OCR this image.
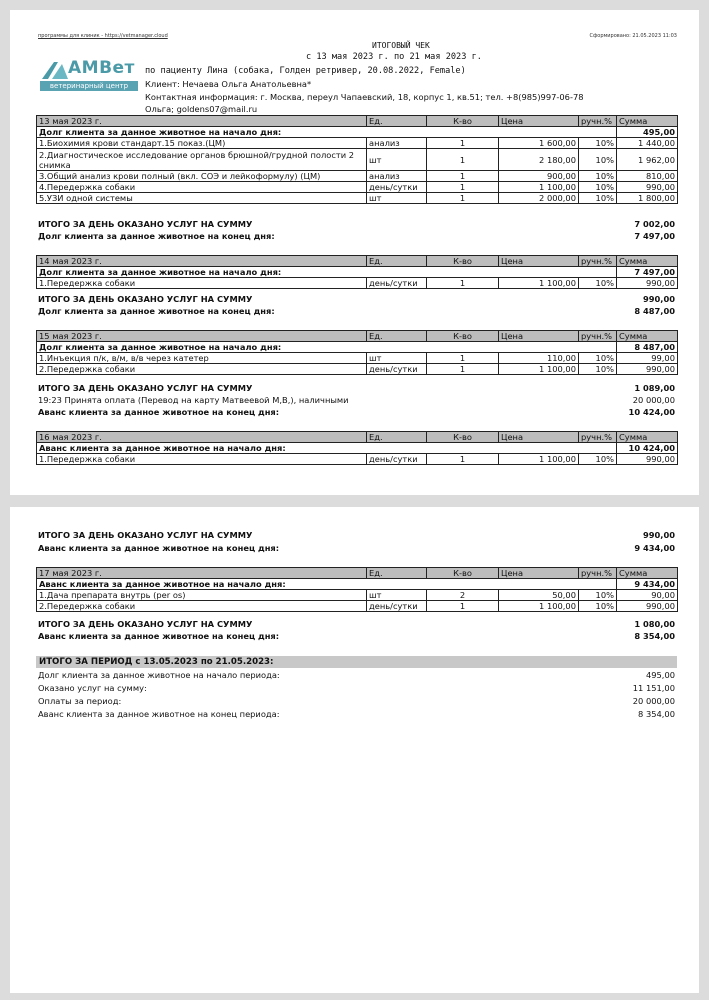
программы для клиник - https://vetmanager.cloud	Сформировано: 21.05.2023 11:03
ИТОГОВЫЙ ЧЕК
с 13 мая 2023 г. по 21 мая 2023 г.
AMВет
ветеринарный центр
по пациенту Лина (собака, Голден ретривер, 20.08.2022, Female)
Клиент: Нечаева Ольга Анатольевна*
Контактная информация: г. Москва, переул Чапаевский, 18, корпус 1, кв.51; тел. +8(985)997-06-78
Ольга; goldens07@mail.ru
13 мая 2023 г.	Ед.	К-во	Цена	ручн.%	Сумма
Долг клиента за данное животное на начало дня:					495,00
1.Биохимия крови стандарт.15 показ.(ЦМ)	анализ	1	1 600,00	10%	1 440,00
2.Диагностическое исследование органов брюшной/грудной полости 2 снимка	шт	1	2 180,00	10%	1 962,00
3.Общий анализ крови полный (вкл. СОЭ и лейкоформулу) (ЦМ)	анализ	1	900,00	10%	810,00
4.Передержка собаки	день/сутки	1	1 100,00	10%	990,00
5.УЗИ одной системы	шт	1	2 000,00	10%	1 800,00
ИТОГО ЗА ДЕНЬ ОКАЗАНО УСЛУГ НА СУММУ	7 002,00
Долг клиента за данное животное на конец дня:	7 497,00
14 мая 2023 г.	Ед.	К-во	Цена	ручн.%	Сумма
Долг клиента за данное животное на начало дня:					7 497,00
1.Передержка собаки	день/сутки	1	1 100,00	10%	990,00
ИТОГО ЗА ДЕНЬ ОКАЗАНО УСЛУГ НА СУММУ	990,00
Долг клиента за данное животное на конец дня:	8 487,00
15 мая 2023 г.	Ед.	К-во	Цена	ручн.%	Сумма
Долг клиента за данное животное на начало дня:					8 487,00
1.Инъекция п/к, в/м, в/в через катетер	шт	1	110,00	10%	99,00
2.Передержка собаки	день/сутки	1	1 100,00	10%	990,00
ИТОГО ЗА ДЕНЬ ОКАЗАНО УСЛУГ НА СУММУ	1 089,00
19:23 Принята оплата (Перевод на карту Матвеевой М,В,), наличными	20 000,00
Аванс клиента за данное животное на конец дня:	10 424,00
16 мая 2023 г.	Ед.	К-во	Цена	ручн.%	Сумма
Аванс клиента за данное животное на начало дня:					10 424,00
1.Передержка собаки	день/сутки	1	1 100,00	10%	990,00
ИТОГО ЗА ДЕНЬ ОКАЗАНО УСЛУГ НА СУММУ	990,00
Аванс клиента за данное животное на конец дня:	9 434,00
17 мая 2023 г.	Ед.	К-во	Цена	ручн.%	Сумма
Аванс клиента за данное животное на начало дня:					9 434,00
1.Дача препарата внутрь (per os)	шт	2	50,00	10%	90,00
2.Передержка собаки	день/сутки	1	1 100,00	10%	990,00
ИТОГО ЗА ДЕНЬ ОКАЗАНО УСЛУГ НА СУММУ	1 080,00
Аванс клиента за данное животное на конец дня:	8 354,00
ИТОГО ЗА ПЕРИОД с 13.05.2023 по 21.05.2023:
Долг клиента за данное животное на начало периода:	495,00
Оказано услуг на сумму:	11 151,00
Оплаты за период:	20 000,00
Аванс клиента за данное животное на конец периода:	8 354,00
